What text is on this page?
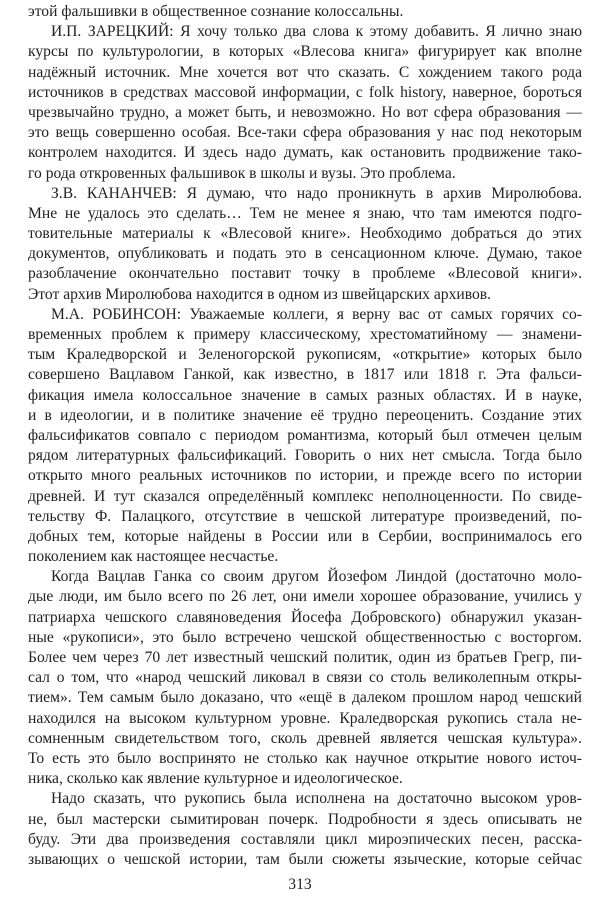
этой фальшивки в общественное сознание колоссальны.
И.П. ЗАРЕЦКИЙ: Я хочу только два слова к этому добавить. Я лично знаю
курсы по культурологии, в которых «Влесова книга» фигурирует как вполне
надёжный источник. Мне хочется вот что сказать. С хождением такого рода
источников в средствах массовой информации, с folk history, наверное, бороться
чрезвычайно трудно, а может быть, и невозможно. Но вот сфера образования —
это вещь совершенно особая. Все-таки сфера образования у нас под некоторым
контролем находится. И здесь надо думать, как остановить продвижение тако-
го рода откровенных фальшивок в школы и вузы. Это проблема.
З.В. КАНАНЧЕВ: Я думаю, что надо проникнуть в архив Миролюбова.
Мне не удалось это сделать… Тем не менее я знаю, что там имеются подго-
товительные материалы к «Влесовой книге». Необходимо добраться до этих
документов, опубликовать и подать это в сенсационном ключе. Думаю, такое
разоблачение окончательно поставит точку в проблеме «Влесовой книги».
Этот архив Миролюбова находится в одном из швейцарских архивов.
М.А. РОБИНСОН: Уважаемые коллеги, я верну вас от самых горячих со-
временных проблем к примеру классическому, хрестоматийному — знамени-
тым Краледворской и Зеленогорской рукописям, «открытие» которых было
совершено Вацлавом Ганкой, как известно, в 1817 или 1818 г. Эта фальси-
фикация имела колоссальное значение в самых разных областях. И в науке,
и в идеологии, и в политике значение её трудно переоценить. Создание этих
фальсификатов совпало с периодом романтизма, который был отмечен целым
рядом литературных фальсификаций. Говорить о них нет смысла. Тогда было
открыто много реальных источников по истории, и прежде всего по истории
древней. И тут сказался определённый комплекс неполноценности. По свиде-
тельству Ф. Палацкого, отсутствие в чешской литературе произведений, по-
добных тем, которые найдены в России или в Сербии, воспринималось его
поколением как настоящее несчастье.
Когда Вацлав Ганка со своим другом Йозефом Линдой (достаточно моло-
дые люди, им было всего по 26 лет, они имели хорошее образование, учились у
патриарха чешского славяноведения Йосефа Добровского) обнаружил указан-
ные «рукописи», это было встречено чешской общественностью с восторгом.
Более чем через 70 лет известный чешский политик, один из братьев Грегр, пи-
сал о том, что «народ чешский ликовал в связи со столь великолепным откры-
тием». Тем самым было доказано, что «ещё в далеком прошлом народ чешский
находился на высоком культурном уровне. Краледворская рукопись стала не-
сомненным свидетельством того, сколь древней является чешская культура».
То есть это было воспринято не столько как научное открытие нового источ-
ника, сколько как явление культурное и идеологическое.
Надо сказать, что рукопись была исполнена на достаточно высоком уров-
не, был мастерски сымитирован почерк. Подробности я здесь описывать не
буду. Эти два произведения составляли цикл мироэпических песен, расска-
зывающих о чешской истории, там были сюжеты языческие, которые сейчас
313
